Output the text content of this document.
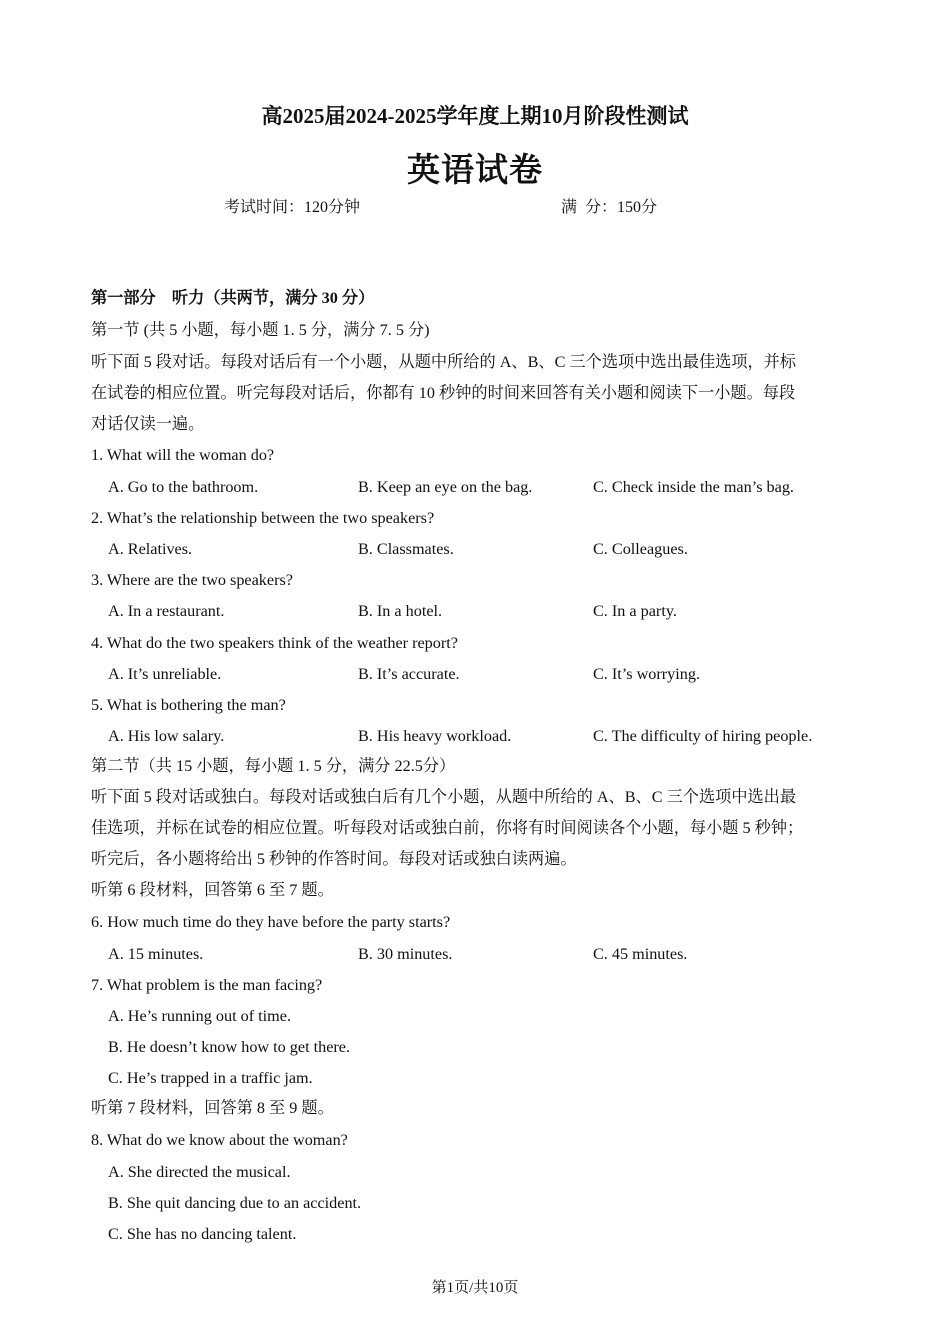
高2025届2024-2025学年度上期10月阶段性测试
英语试卷
考试时间：120分钟	满  分：150分
第一部分　听力（共两节，满分 30 分）
第一节 (共 5 小题，每小题 1. 5 分，满分 7. 5 分)
听下面 5 段对话。每段对话后有一个小题，从题中所给的 A、B、C 三个选项中选出最佳选项，并标
在试卷的相应位置。听完每段对话后，你都有 10 秒钟的时间来回答有关小题和阅读下一小题。每段
对话仅读一遍。
1. What will the woman do?
A. Go to the bathroom.	B. Keep an eye on the bag.	C. Check inside the man’s bag.
2. What’s the relationship between the two speakers?
A. Relatives.	B. Classmates.	C. Colleagues.
3. Where are the two speakers?
A. In a restaurant.	B. In a hotel.	C. In a party.
4. What do the two speakers think of the weather report?
A. It’s unreliable.	B. It’s accurate.	C. It’s worrying.
5. What is bothering the man?
A. His low salary.	B. His heavy workload.	C. The difficulty of hiring people.
第二节（共 15 小题，每小题 1. 5 分，满分 22.5分）
听下面 5 段对话或独白。每段对话或独白后有几个小题，从题中所给的 A、B、C 三个选项中选出最
佳选项，并标在试卷的相应位置。听每段对话或独白前，你将有时间阅读各个小题，每小题 5 秒钟；
听完后，各小题将给出 5 秒钟的作答时间。每段对话或独白读两遍。
听第 6 段材料，回答第 6 至 7 题。
6. How much time do they have before the party starts?
A. 15 minutes.	B. 30 minutes.	C. 45 minutes.
7. What problem is the man facing?
A. He’s running out of time.
B. He doesn’t know how to get there.
C. He’s trapped in a traffic jam.
听第 7 段材料，回答第 8 至 9 题。
8. What do we know about the woman?
A. She directed the musical.
B. She quit dancing due to an accident.
C. She has no dancing talent.
第1页/共10页
